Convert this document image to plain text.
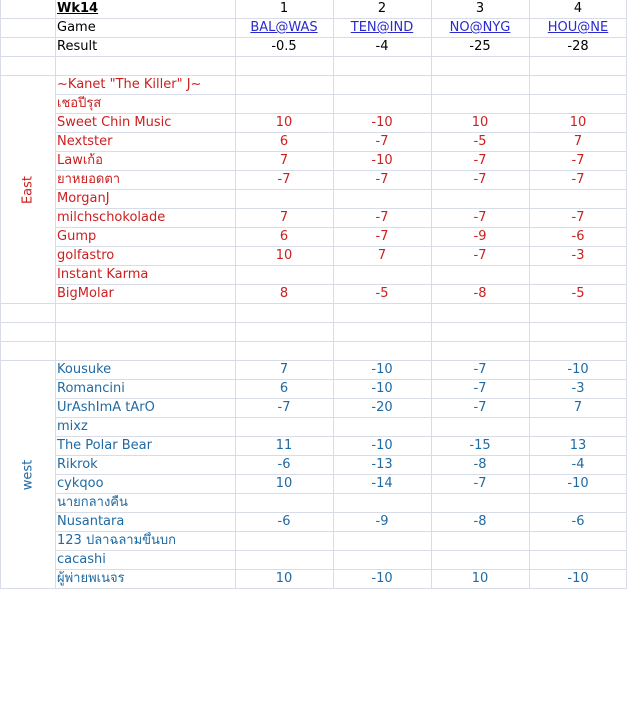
Wk14	1	2	3	4
Game	BAL@WAS	TEN@IND	NO@NYG	HOU@NE
Result	-0.5	-4	-25	-28
~Kanet "The Killer" J~
เชอปีรุส
Sweet Chin Music	10	-10	10	10
Nextster	6	-7	-5	7
Lawเก้อ	7	-10	-7	-7
ยาหยอดตา	-7	-7	-7	-7
MorganJ
milchschokolade	7	-7	-7	-7
Gump	6	-7	-9	-6
golfastro	10	7	-7	-3
Instant Karma
BigMolar	8	-5	-8	-5
East
Kousuke	7	-10	-7	-10
Romancini	6	-10	-7	-3
UrAshImA tArO	-7	-20	-7	7
mixz
The Polar Bear	11	-10	-15	13
Rikrok	-6	-13	-8	-4
cykqoo	10	-14	-7	-10
นายกลางคืน
Nusantara	-6	-9	-8	-6
123 ปลาฉลามขึ้นบก
cacashi
ผู้พ่ายพเนจร	10	-10	10	-10
west
